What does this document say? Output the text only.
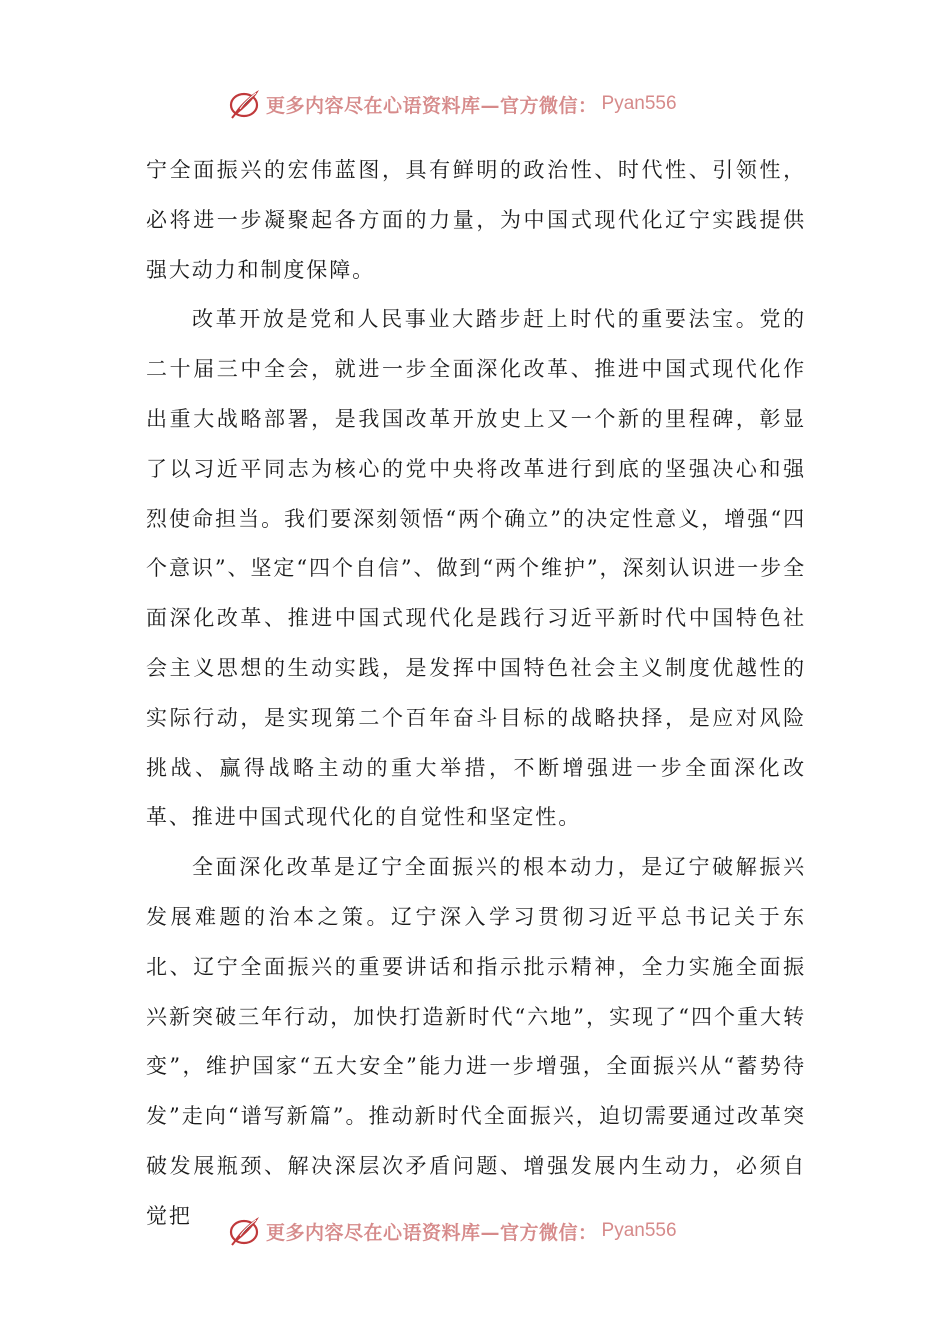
更多内容尽在心语资料库—官方微信： Pyan556

宁全面振兴的宏伟蓝图，具有鲜明的政治性、时代性、引领性，必将进一步凝聚起各方面的力量，为中国式现代化辽宁实践提供强大动力和制度保障。

改革开放是党和人民事业大踏步赶上时代的重要法宝。党的二十届三中全会，就进一步全面深化改革、推进中国式现代化作出重大战略部署，是我国改革开放史上又一个新的里程碑，彰显了以习近平同志为核心的党中央将改革进行到底的坚强决心和强烈使命担当。我们要深刻领悟“两个确立”的决定性意义，增强“四个意识”、坚定“四个自信”、做到“两个维护”，深刻认识进一步全面深化改革、推进中国式现代化是践行习近平新时代中国特色社会主义思想的生动实践，是发挥中国特色社会主义制度优越性的实际行动，是实现第二个百年奋斗目标的战略抉择，是应对风险挑战、赢得战略主动的重大举措，不断增强进一步全面深化改革、推进中国式现代化的自觉性和坚定性。

全面深化改革是辽宁全面振兴的根本动力，是辽宁破解振兴发展难题的治本之策。辽宁深入学习贯彻习近平总书记关于东北、辽宁全面振兴的重要讲话和指示批示精神，全力实施全面振兴新突破三年行动，加快打造新时代“六地”，实现了“四个重大转变”，维护国家“五大安全”能力进一步增强，全面振兴从“蓄势待发”走向“谱写新篇”。推动新时代全面振兴，迫切需要通过改革突破发展瓶颈、解决深层次矛盾问题、增强发展内生动力，必须自觉把

更多内容尽在心语资料库—官方微信： Pyan556
